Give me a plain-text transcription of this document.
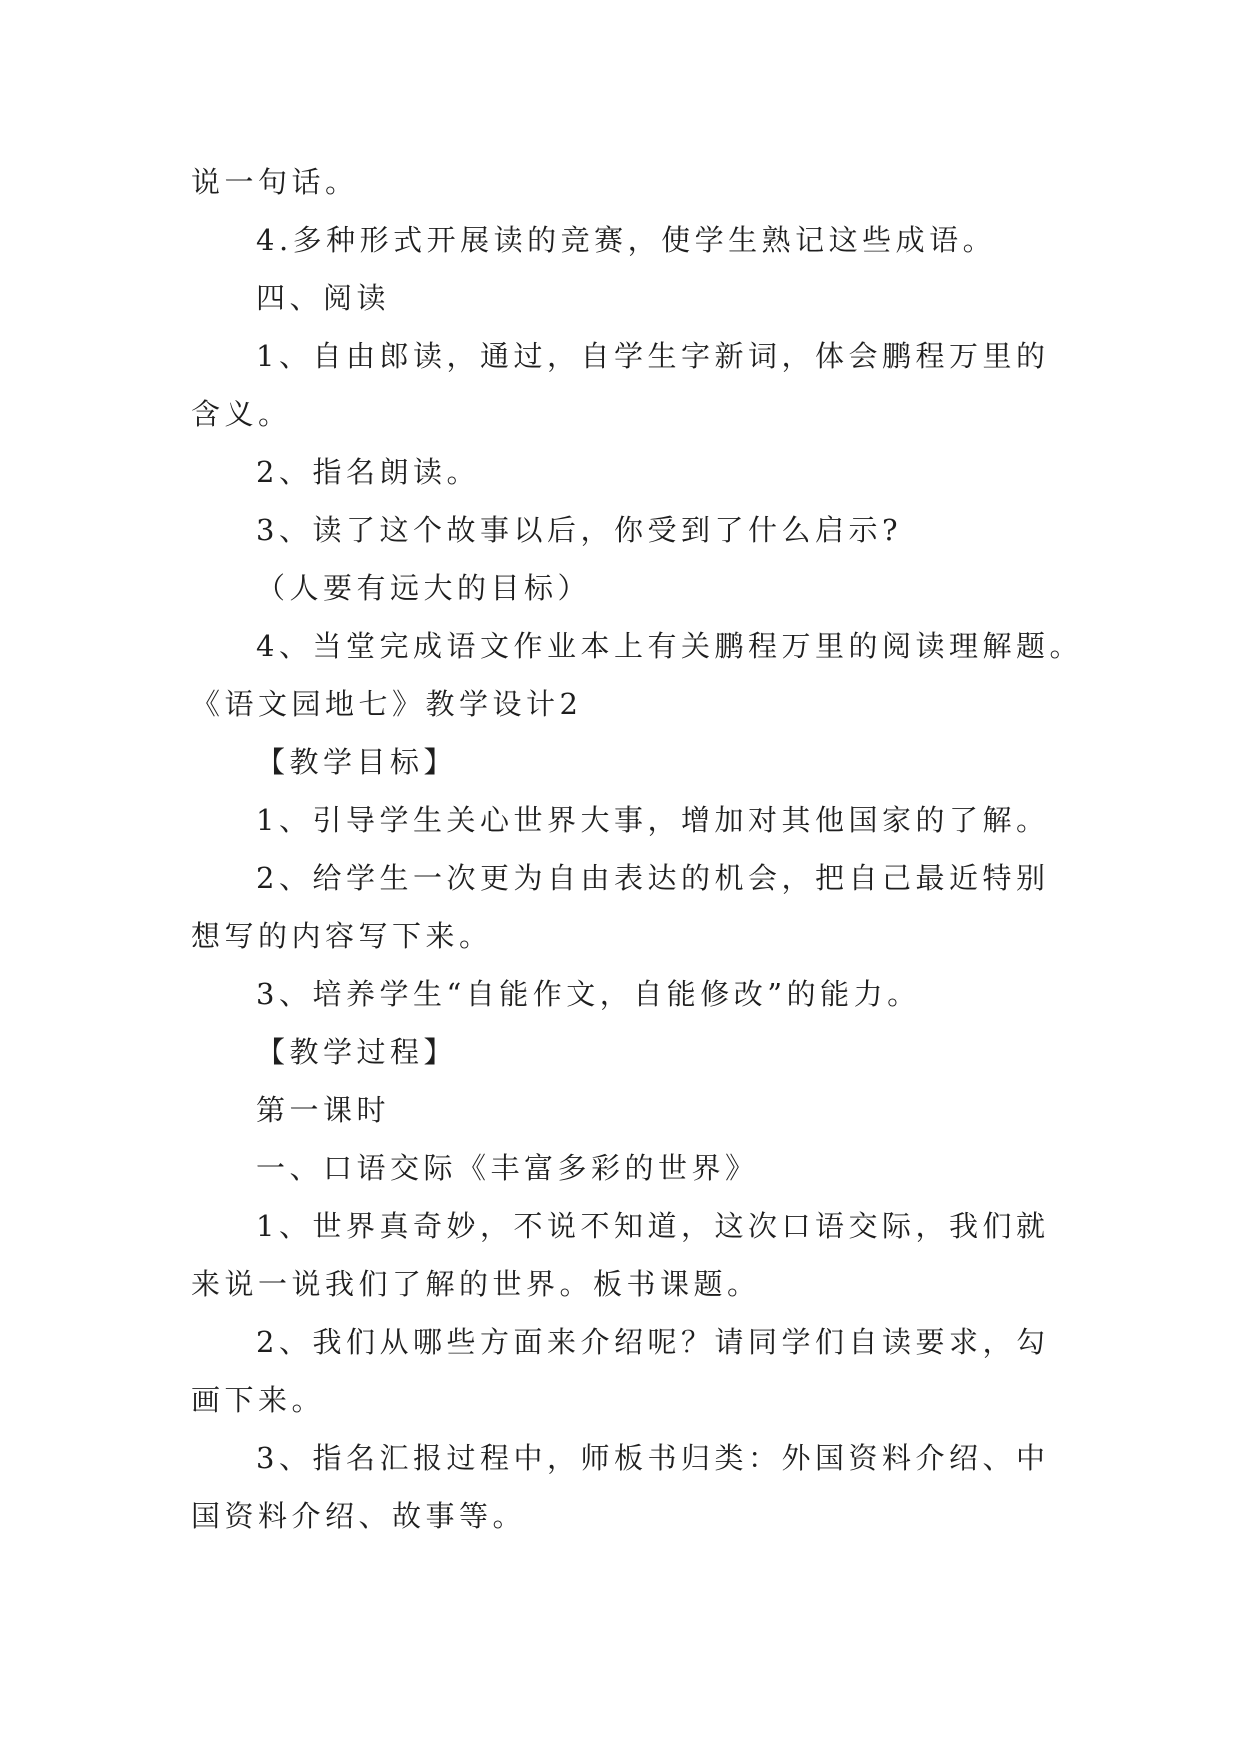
说一句话。
4.多种形式开展读的竞赛，使学生熟记这些成语。
四、阅读
1、自由郎读，通过，自学生字新词，体会鹏程万里的
含义。
2、指名朗读。
3、读了这个故事以后，你受到了什么启示?
（人要有远大的目标）
4、当堂完成语文作业本上有关鹏程万里的阅读理解题。
《语文园地七》教学设计2
【教学目标】
1、引导学生关心世界大事，增加对其他国家的了解。
2、给学生一次更为自由表达的机会，把自己最近特别
想写的内容写下来。
3、培养学生“自能作文，自能修改”的能力。
【教学过程】
第一课时
一、口语交际《丰富多彩的世界》
1、世界真奇妙，不说不知道，这次口语交际，我们就
来说一说我们了解的世界。板书课题。
2、我们从哪些方面来介绍呢？请同学们自读要求，勾
画下来。
3、指名汇报过程中，师板书归类：外国资料介绍、中
国资料介绍、故事等。
